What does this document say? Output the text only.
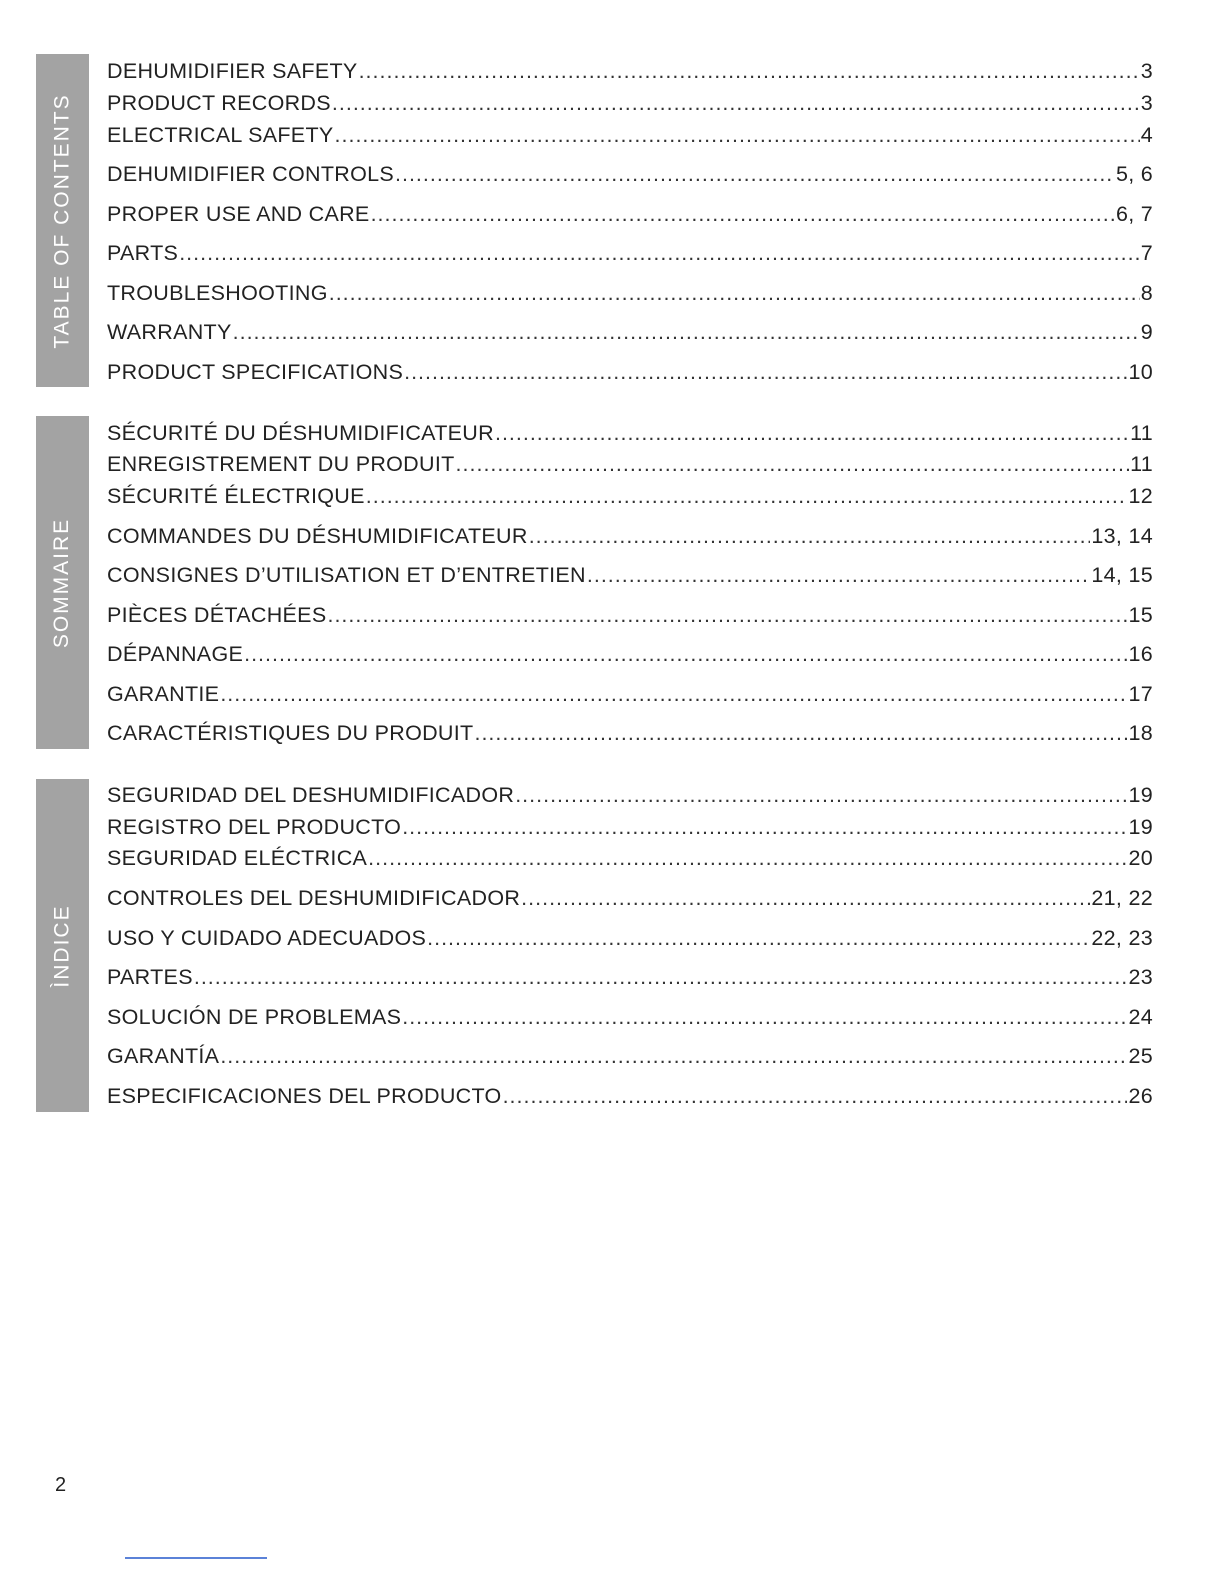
TABLE OF CONTENTS
DEHUMIDIFIER SAFETY .....	3
PRODUCT RECORDS .....	3
ELECTRICAL SAFETY .....	4
DEHUMIDIFIER CONTROLS .....	5, 6
PROPER USE AND CARE .....	6, 7
PARTS .....	7
TROUBLESHOOTING .....	8
WARRANTY .....	9
PRODUCT SPECIFICATIONS .....	10
SOMMAIRE
SÉCURITÉ DU DÉSHUMIDIFICATEUR .....	11
ENREGISTREMENT DU PRODUIT .....	11
SÉCURITÉ ÉLECTRIQUE .....	12
COMMANDES DU DÉSHUMIDIFICATEUR .....	13, 14
CONSIGNES D’UTILISATION ET D’ENTRETIEN .....	14, 15
PIÈCES DÉTACHÉES .....	15
DÉPANNAGE .....	16
GARANTIE .....	17
CARACTÉRISTIQUES DU PRODUIT .....	18
ÌNDICE
SEGURIDAD DEL DESHUMIDIFICADOR .....	19
REGISTRO DEL PRODUCTO .....	19
SEGURIDAD ELÉCTRICA .....	20
CONTROLES DEL DESHUMIDIFICADOR .....	21, 22
USO Y CUIDADO ADECUADOS .....	22, 23
PARTES .....	23
SOLUCIÓN DE PROBLEMAS .....	24
GARANTÍA .....	25
ESPECIFICACIONES DEL PRODUCTO .....	26
2
